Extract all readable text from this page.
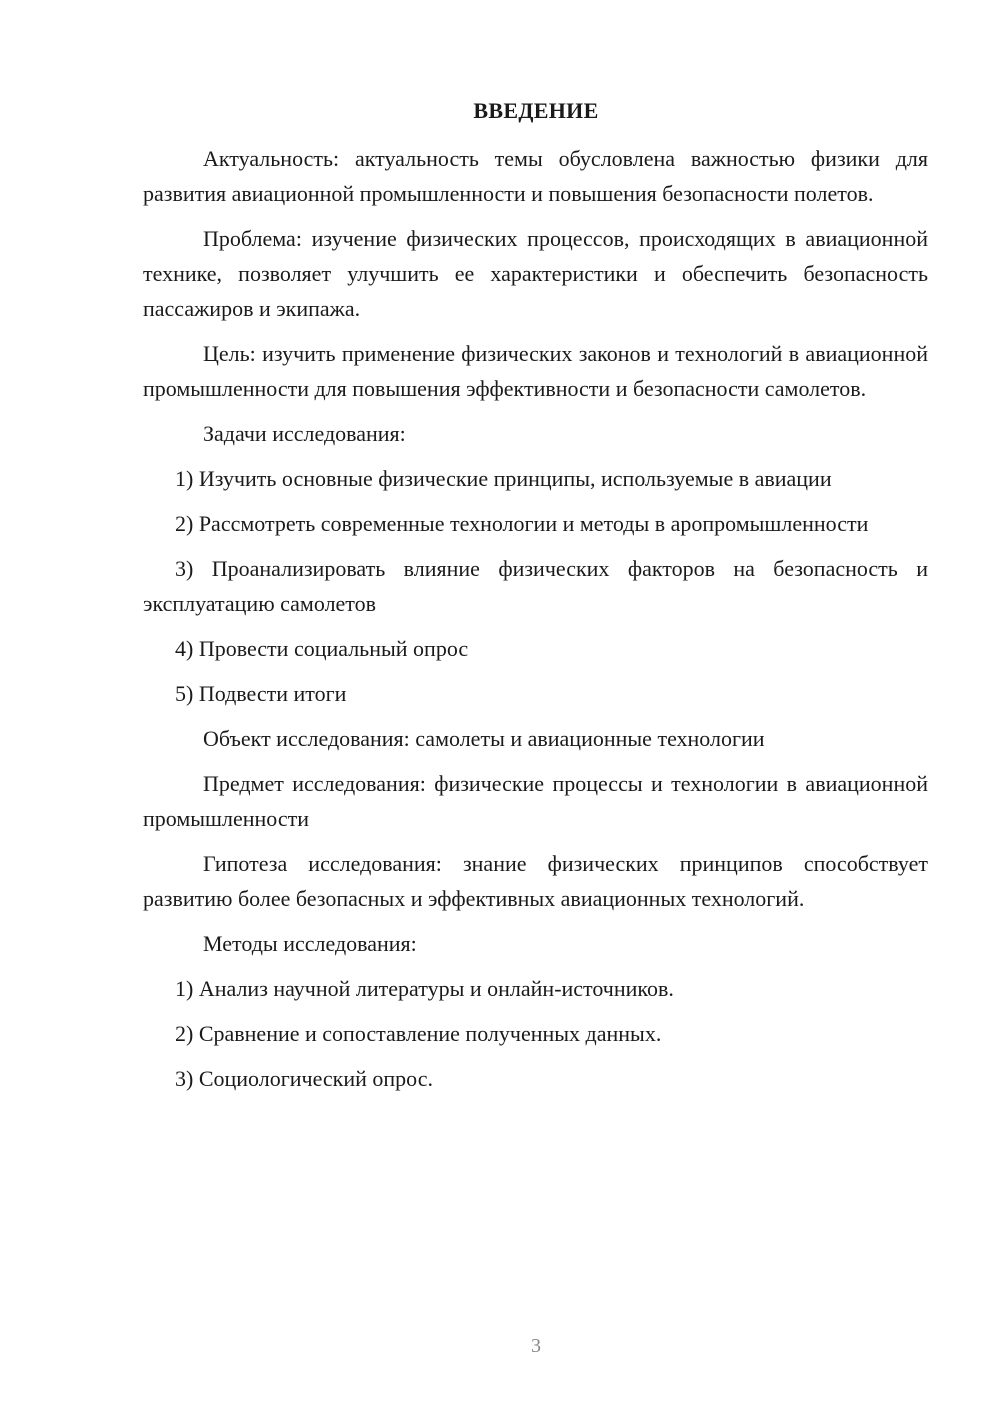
ВВЕДЕНИЕ

Актуальность: актуальность темы обусловлена важностью физики для развития авиационной промышленности и повышения безопасности полетов.

Проблема: изучение физических процессов, происходящих в авиационной технике, позволяет улучшить ее характеристики и обеспечить безопасность пассажиров и экипажа.

Цель: изучить применение физических законов и технологий в авиационной промышленности для повышения эффективности и безопасности самолетов.

Задачи исследования:

1) Изучить основные физические принципы, используемые в авиации

2) Рассмотреть современные технологии и методы в аропромышленности

3) Проанализировать влияние физических факторов на безопасность и эксплуатацию самолетов

4) Провести социальный опрос

5) Подвести итоги

Объект исследования: самолеты и авиационные технологии

Предмет исследования: физические процессы и технологии в авиационной промышленности

Гипотеза исследования: знание физических принципов способствует развитию более безопасных и эффективных авиационных технологий.

Методы исследования:

1) Анализ научной литературы и онлайн-источников.

2) Сравнение и сопоставление полученных данных.

3) Социологический опрос.

3
